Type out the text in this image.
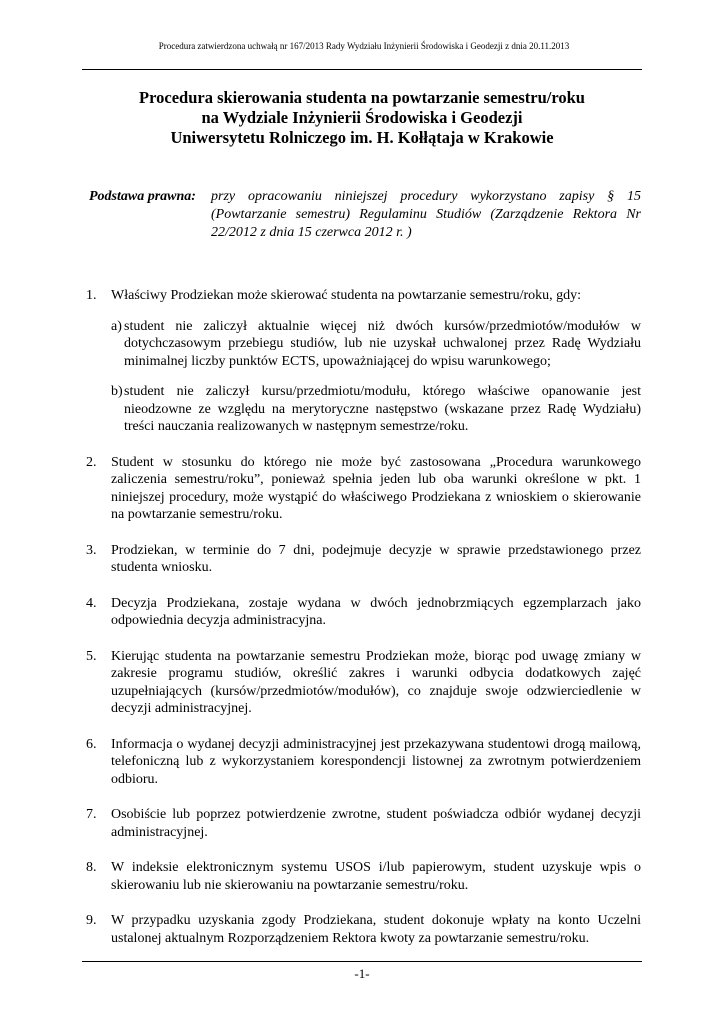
Procedura zatwierdzona uchwałą nr 167/2013 Rady Wydziału Inżynierii Środowiska i Geodezji z dnia 20.11.2013
Procedura skierowania studenta na powtarzanie semestru/roku
na Wydziale Inżynierii Środowiska i Geodezji
Uniwersytetu Rolniczego im. H. Kołłątaja w Krakowie
Podstawa prawna: przy opracowaniu niniejszej procedury wykorzystano zapisy § 15 (Powtarzanie semestru) Regulaminu Studiów (Zarządzenie Rektora Nr 22/2012 z dnia 15 czerwca 2012 r. )
1. Właściwy Prodziekan może skierować studenta na powtarzanie semestru/roku, gdy:
a) student nie zaliczył aktualnie więcej niż dwóch kursów/przedmiotów/modułów w dotychczasowym przebiegu studiów, lub nie uzyskał uchwalonej przez Radę Wydziału minimalnej liczby punktów ECTS, upoważniającej do wpisu warunkowego;
b) student nie zaliczył kursu/przedmiotu/modułu, którego właściwe opanowanie jest nieodzowne ze względu na merytoryczne następstwo (wskazane przez Radę Wydziału) treści nauczania realizowanych w następnym semestrze/roku.
2. Student w stosunku do którego nie może być zastosowana „Procedura warunkowego zaliczenia semestru/roku”, ponieważ spełnia jeden lub oba warunki określone w pkt. 1 niniejszej procedury, może wystąpić do właściwego Prodziekana z wnioskiem o skierowanie na powtarzanie semestru/roku.
3. Prodziekan, w terminie do 7 dni, podejmuje decyzje w sprawie przedstawionego przez studenta wniosku.
4. Decyzja Prodziekana, zostaje wydana w dwóch jednobrzmiących egzemplarzach jako odpowiednia decyzja administracyjna.
5. Kierując studenta na powtarzanie semestru Prodziekan może, biorąc pod uwagę zmiany w zakresie programu studiów, określić zakres i warunki odbycia dodatkowych zajęć uzupełniających (kursów/przedmiotów/modułów), co znajduje swoje odzwierciedlenie w decyzji administracyjnej.
6. Informacja o wydanej decyzji administracyjnej jest przekazywana studentowi drogą mailową, telefoniczną lub z wykorzystaniem korespondencji listownej za zwrotnym potwierdzeniem odbioru.
7. Osobiście lub poprzez potwierdzenie zwrotne, student poświadcza odbiór wydanej decyzji administracyjnej.
8. W indeksie elektronicznym systemu USOS i/lub papierowym, student uzyskuje wpis o skierowaniu lub nie skierowaniu na powtarzanie semestru/roku.
9. W przypadku uzyskania zgody Prodziekana, student dokonuje wpłaty na konto Uczelni ustalonej aktualnym Rozporządzeniem Rektora kwoty za powtarzanie semestru/roku.
-1-
